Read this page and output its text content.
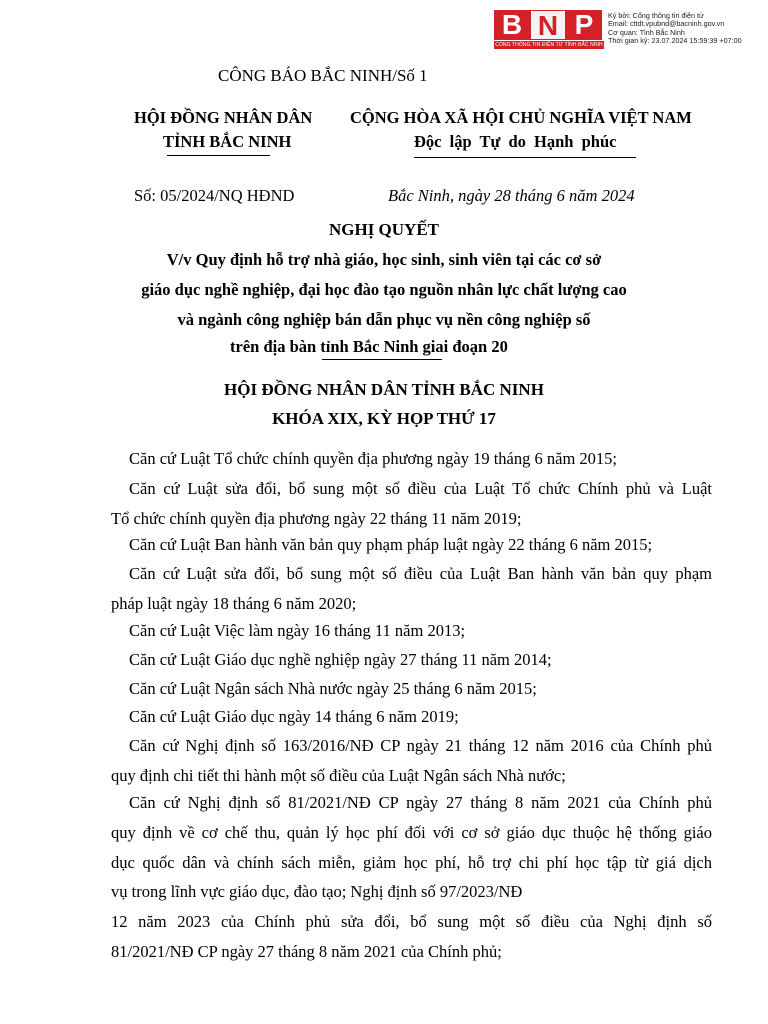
B N P
CỔNG THÔNG TIN ĐIỆN TỬ TỈNH BẮC NINH
Ký bởi: Cổng thông tin điện tử
Email: cttdt.vpubnd@bacninh.gov.vn
Cơ quan: Tỉnh Bắc Ninh
Thời gian ký: 23.07.2024 15:59:39 +07:00
CÔNG BÁO BẮC NINH/Số 1
HỘI ĐỒNG NHÂN DÂN
TỈNH BẮC NINH
CỘNG HÒA XÃ HỘI CHỦ NGHĨA VIỆT NAM
Độc lập Tự do Hạnh phúc
Số: 05/2024/NQ HĐND	Bắc Ninh, ngày 28 tháng 6 năm 2024
NGHỊ QUYẾT
V/v Quy định hỗ trợ nhà giáo, học sinh, sinh viên tại các cơ sở
giáo dục nghề nghiệp, đại học đào tạo nguồn nhân lực chất lượng cao
và ngành công nghiệp bán dẫn phục vụ nền công nghiệp số
trên địa bàn tỉnh Bắc Ninh giai đoạn 20
HỘI ĐỒNG NHÂN DÂN TỈNH BẮC NINH
KHÓA XIX, KỲ HỌP THỨ 17
Căn cứ Luật Tổ chức chính quyền địa phương ngày 19 tháng 6 năm 2015;
Căn cứ Luật sửa đổi, bổ sung một số điều của Luật Tổ chức Chính phủ và Luật
Tổ chức chính quyền địa phương ngày 22 tháng 11 năm 2019;
Căn cứ Luật Ban hành văn bản quy phạm pháp luật ngày 22 tháng 6 năm 2015;
Căn cứ Luật sửa đổi, bổ sung một số điều của Luật Ban hành văn bản quy phạm
pháp luật ngày 18 tháng 6 năm 2020;
Căn cứ Luật Việc làm ngày 16 tháng 11 năm 2013;
Căn cứ Luật Giáo dục nghề nghiệp ngày 27 tháng 11 năm 2014;
Căn cứ Luật Ngân sách Nhà nước ngày 25 tháng 6 năm 2015;
Căn cứ Luật Giáo dục ngày 14 tháng 6 năm 2019;
Căn cứ Nghị định số 163/2016/NĐ CP ngày 21 tháng 12 năm 2016 của Chính phủ
quy định chi tiết thi hành một số điều của Luật Ngân sách Nhà nước;
Căn cứ Nghị định số 81/2021/NĐ CP ngày 27 tháng 8 năm 2021 của Chính phủ
quy định về cơ chế thu, quản lý học phí đối với cơ sở giáo dục thuộc hệ thống giáo
dục quốc dân và chính sách miễn, giảm học phí, hỗ trợ chi phí học tập từ giá dịch
vụ trong lĩnh vực giáo dục, đào tạo; Nghị định số 97/2023/NĐ
12 năm 2023 của Chính phủ sửa đổi, bổ sung một số điều của Nghị định số
81/2021/NĐ CP ngày 27 tháng 8 năm 2021 của Chính phủ;
